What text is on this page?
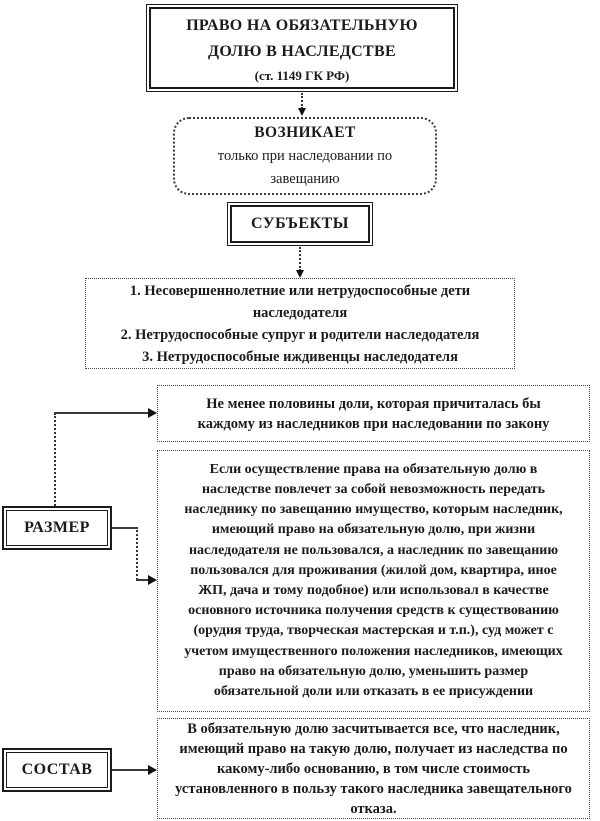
ПРАВО НА ОБЯЗАТЕЛЬНУЮ
ДОЛЮ В НАСЛЕДСТВЕ
(ст. 1149 ГК РФ)
ВОЗНИКАЕТ
только при наследовании по завещанию
СУБЪЕКТЫ
1. Несовершеннолетние или нетрудоспособные дети наследодателя
2. Нетрудоспособные супруг и родители наследодателя
3. Нетрудоспособные иждивенцы наследодателя
РАЗМЕР
Не менее половины доли, которая причиталась бы каждому из наследников при наследовании по закону
Если осуществление права на обязательную долю в наследстве повлечет за собой невозможность передать наследнику по завещанию имущество, которым наследник, имеющий право на обязательную долю, при жизни наследодателя не пользовался, а наследник по завещанию пользовался для проживания (жилой дом, квартира, иное ЖП, дача и тому подобное) или использовал в качестве основного источника получения средств к существованию (орудия труда, творческая мастерская и т.п.), суд может с учетом имущественного положения наследников, имеющих право на обязательную долю, уменьшить размер обязательной доли или отказать в ее присуждении
СОСТАВ
В обязательную долю засчитывается все, что наследник, имеющий право на такую долю, получает из наследства по какому-либо основанию, в том числе стоимость установленного в пользу такого наследника завещательного отказа.
